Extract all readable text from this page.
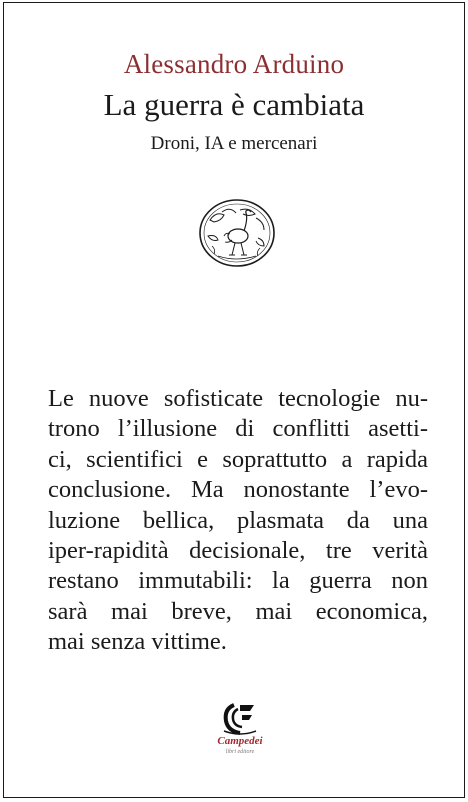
Alessandro Arduino
La guerra è cambiata
Droni, IA e mercenari
Le nuove sofisticate tecnologie nu-
trono l’illusione di conflitti asetti-
ci, scientifici e soprattutto a rapida
conclusione. Ma nonostante l’evo-
luzione bellica, plasmata da una
iper-rapidità decisionale, tre verità
restano immutabili: la guerra non
sarà mai breve, mai economica,
mai senza vittime.
Campedei
libri editore
